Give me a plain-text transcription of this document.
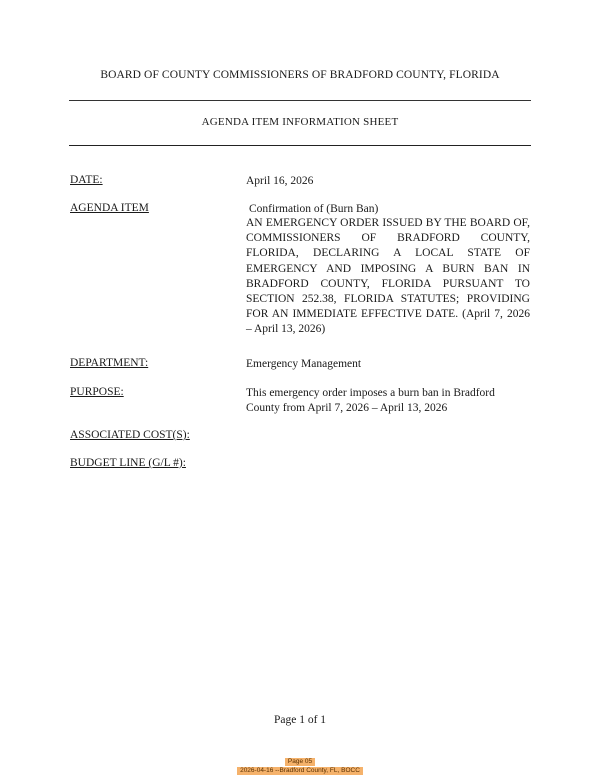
BOARD OF COUNTY COMMISSIONERS OF BRADFORD COUNTY, FLORIDA
AGENDA ITEM INFORMATION SHEET
DATE:	April 16, 2026
AGENDA ITEM	Confirmation of (Burn Ban)
AN EMERGENCY ORDER ISSUED BY THE BOARD OF, COMMISSIONERS OF BRADFORD COUNTY, FLORIDA, DECLARING A LOCAL STATE OF EMERGENCY AND IMPOSING A BURN BAN IN BRADFORD COUNTY, FLORIDA PURSUANT TO SECTION 252.38, FLORIDA STATUTES; PROVIDING FOR AN IMMEDIATE EFFECTIVE DATE. (April 7, 2026 – April 13, 2026)
DEPARTMENT:	Emergency Management
PURPOSE:	This emergency order imposes a burn ban in Bradford County from April 7, 2026 – April 13, 2026
ASSOCIATED COST(S):
BUDGET LINE (G/L #):
Page 1 of 1
Page 05
2026-04-16 --Bradford County, FL, BOCC
